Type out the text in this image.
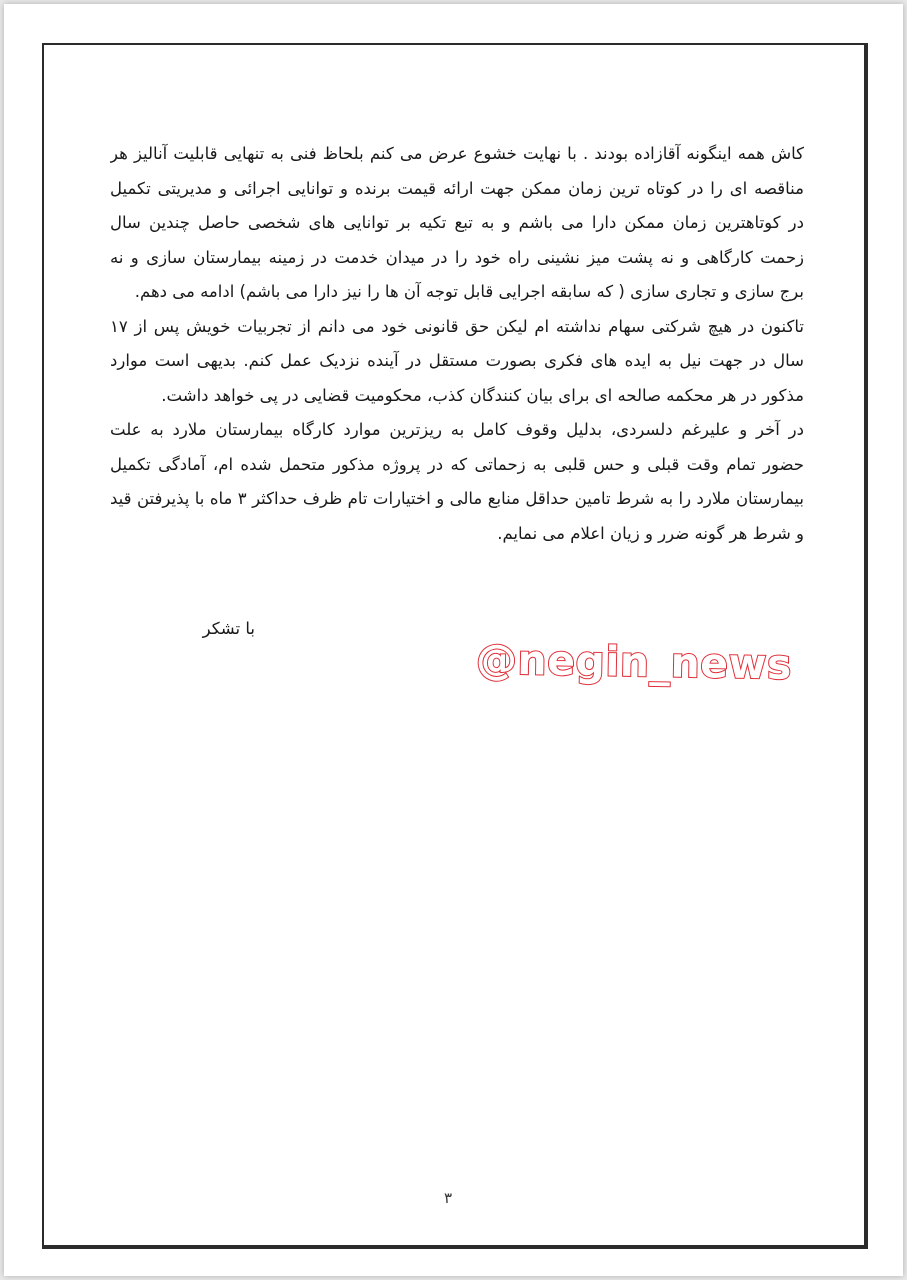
کاش همه اینگونه آقازاده بودند . با نهایت خشوع عرض می کنم بلحاظ فنی به تنهایی قابلیت آنالیز هر
مناقصه ای را در کوتاه ترین زمان ممکن جهت ارائه قیمت برنده و توانایی اجرائی و مدیریتی تکمیل
در کوتاهترین زمان ممکن دارا می باشم و به تبع تکیه بر توانایی های شخصی حاصل چندین سال
زحمت کارگاهی و نه پشت میز نشینی راه خود را در میدان خدمت در زمینه بیمارستان سازی و نه
برج سازی و تجاری سازی ( که سابقه اجرایی قابل توجه آن ها را نیز دارا می باشم) ادامه می دهم.
تاکنون در هیچ شرکتی سهام نداشته ام لیکن حق قانونی خود می دانم از تجربیات خویش پس از ۱۷
سال در جهت نیل به ایده های فکری بصورت مستقل در آینده نزدیک عمل کنم. بدیهی است موارد
مذکور در هر محکمه صالحه ای برای بیان کنندگان کذب، محکومیت قضایی در پی خواهد داشت.
در آخر و علیرغم دلسردی، بدلیل وقوف کامل به ریزترین موارد کارگاه بیمارستان ملارد به علت
حضور تمام وقت قبلی و حس قلبی به زحماتی که در پروژه مذکور متحمل شده ام، آمادگی تکمیل
بیمارستان ملارد را به شرط تامین حداقل منابع مالی و اختیارات تام ظرف حداکثر ۳ ماه با پذیرفتن قید
و شرط هر گونه ضرر و زیان اعلام می نمایم.
با تشکر
@negin_news
۳
